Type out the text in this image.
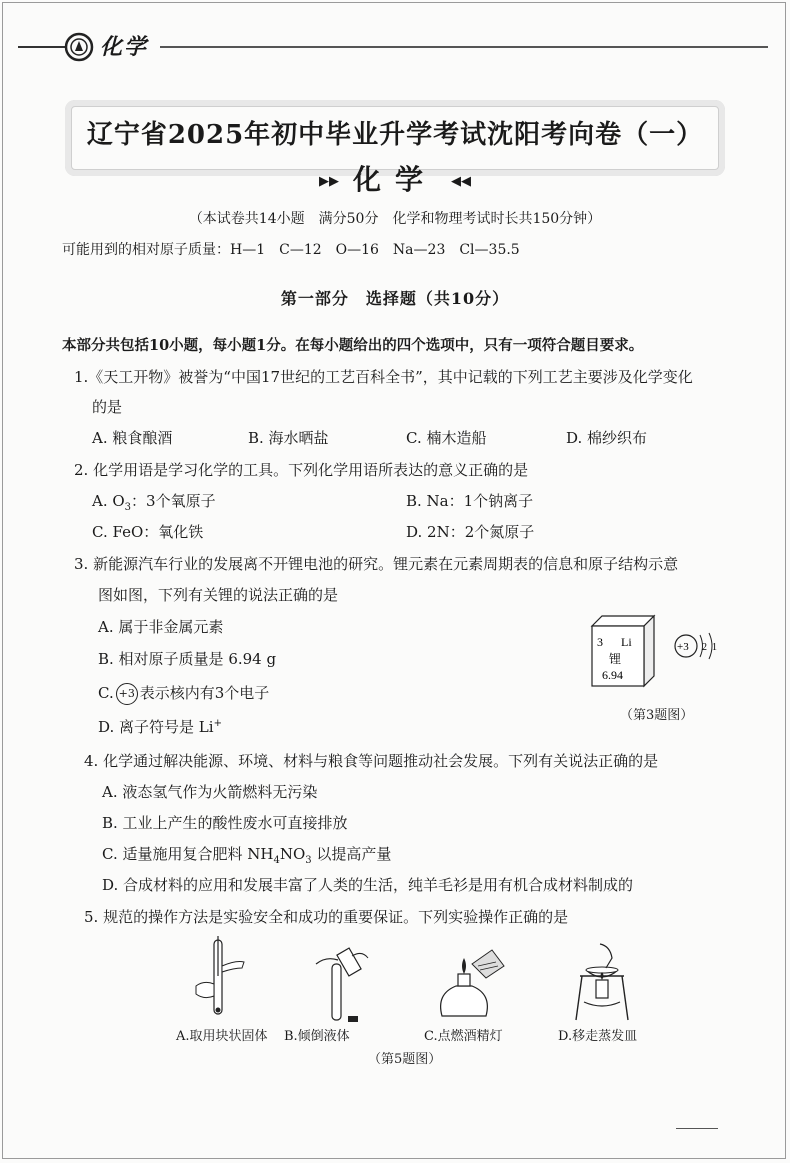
化学
辽宁省2025年初中毕业升学考试沈阳考向卷（一）
▶▶ 化学 ◀◀
（本试卷共14小题　满分50分　化学和物理考试时长共150分钟）
可能用到的相对原子质量：H—1　C—12　O—16　Na—23　Cl—35.5
第一部分　选择题（共10分）
本部分共包括10小题，每小题1分。在每小题给出的四个选项中，只有一项符合题目要求。
1.《天工开物》被誉为“中国17世纪的工艺百科全书”，其中记载的下列工艺主要涉及化学变化
的是
A. 粮食酿酒	B. 海水晒盐	C. 楠木造船	D. 棉纱织布
2. 化学用语是学习化学的工具。下列化学用语所表达的意义正确的是
A. $O_3$：3个氧原子	B. Na：1个钠离子
C. FeO：氧化铁	D. 2N：2个氮原子
3. 新能源汽车行业的发展离不开锂电池的研究。锂元素在元素周期表的信息和原子结构示意
图如图，下列有关锂的说法正确的是
A. 属于非金属元素
B. 相对原子质量是 6.94 g
C. +3 表示核内有3个电子
D. 离子符号是 Li+
3 Li
锂
6.94
+3 2 1
（第3题图）
4. 化学通过解决能源、环境、材料与粮食等问题推动社会发展。下列有关说法正确的是
A. 液态氢气作为火箭燃料无污染
B. 工业上产生的酸性废水可直接排放
C. 适量施用复合肥料 $NH_4NO_3$ 以提高产量
D. 合成材料的应用和发展丰富了人类的生活，纯羊毛衫是用有机合成材料制成的
5. 规范的操作方法是实验安全和成功的重要保证。下列实验操作正确的是
A.取用块状固体 B.倾倒液体	C.点燃酒精灯	D.移走蒸发皿
（第5题图）
